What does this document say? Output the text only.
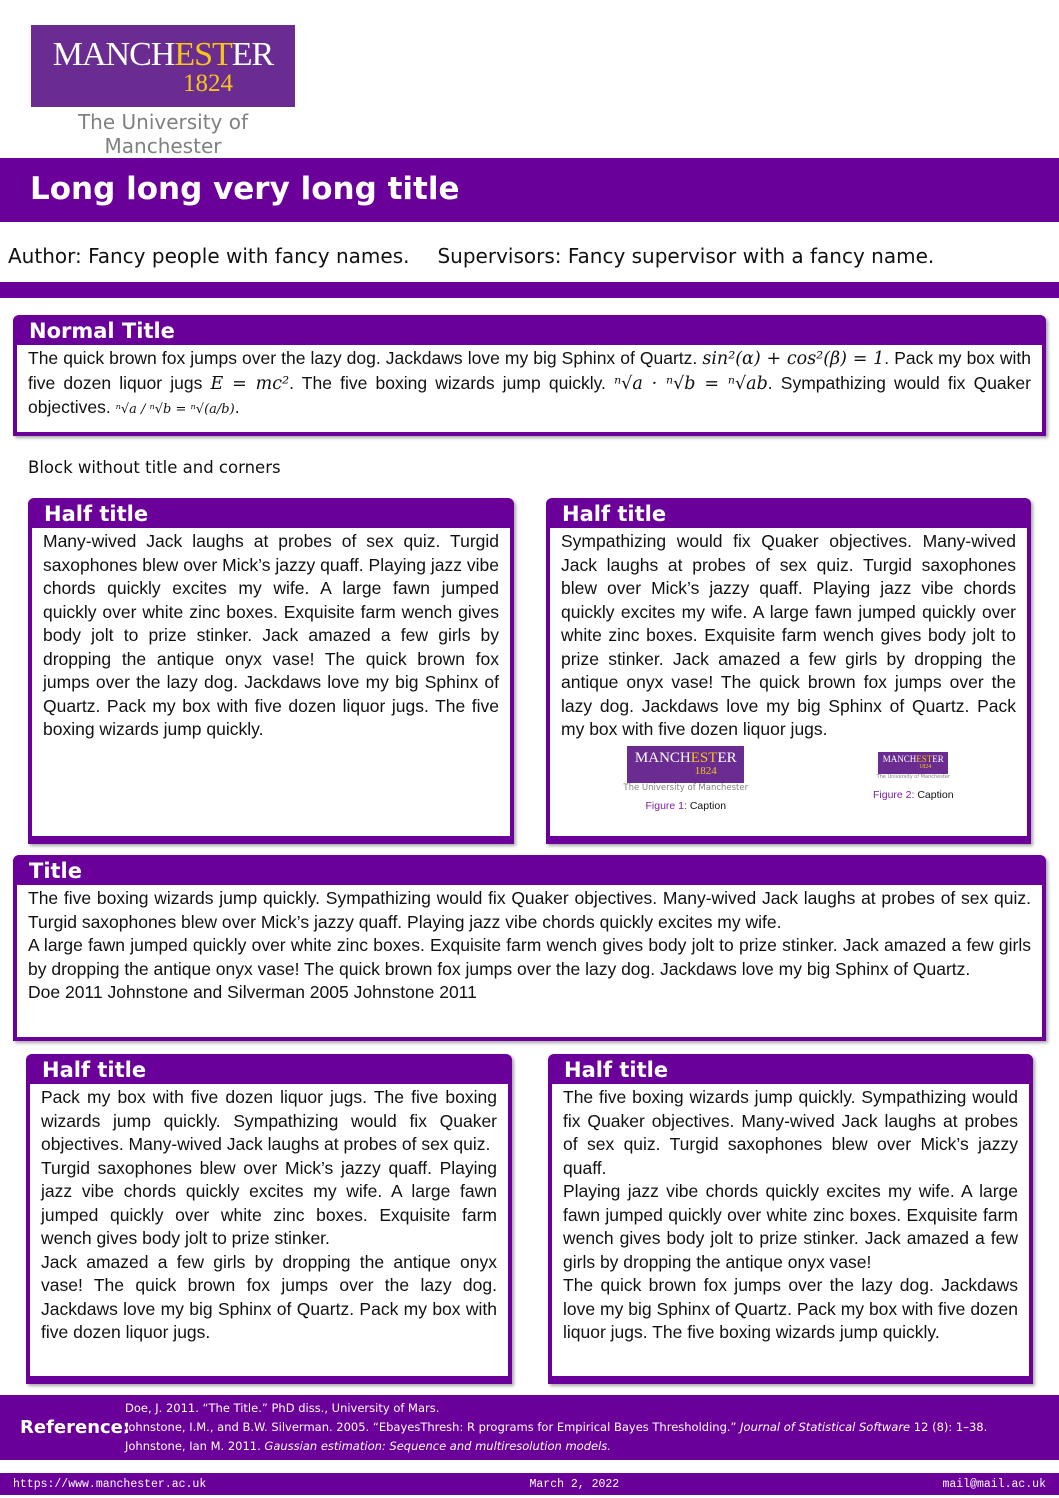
MANCHESTER
1824
The University of Manchester
Long long very long title
Author: Fancy people with fancy names. Supervisors: Fancy supervisor with a fancy name.
Normal Title
The quick brown fox jumps over the lazy dog. Jackdaws love my big Sphinx of Quartz. sin²(α) + cos²(β) = 1. Pack my box with five dozen liquor jugs E = mc². The five boxing wizards jump quickly. ⁿ√a · ⁿ√b = ⁿ√ab. Sympathizing would fix Quaker objectives. ⁿ√a / ⁿ√b = ⁿ√(a/b).
Block without title and corners
Half title
Many-wived Jack laughs at probes of sex quiz. Turgid saxophones blew over Mick’s jazzy quaff. Playing jazz vibe chords quickly excites my wife. A large fawn jumped quickly over white zinc boxes. Exquisite farm wench gives body jolt to prize stinker. Jack amazed a few girls by dropping the antique onyx vase! The quick brown fox jumps over the lazy dog. Jackdaws love my big Sphinx of Quartz. Pack my box with five dozen liquor jugs. The five boxing wizards jump quickly.
Half title
Sympathizing would fix Quaker objectives. Many-wived Jack laughs at probes of sex quiz. Turgid saxophones blew over Mick’s jazzy quaff. Playing jazz vibe chords quickly excites my wife. A large fawn jumped quickly over white zinc boxes. Exquisite farm wench gives body jolt to prize stinker. Jack amazed a few girls by dropping the antique onyx vase! The quick brown fox jumps over the lazy dog. Jackdaws love my big Sphinx of Quartz. Pack my box with five dozen liquor jugs.
MANCHESTER
1824
The University of Manchester
Figure 1: Caption
MANCHESTER
1824
The University of Manchester
Figure 2: Caption
Title
The five boxing wizards jump quickly. Sympathizing would fix Quaker objectives. Many-wived Jack laughs at probes of sex quiz. Turgid saxophones blew over Mick’s jazzy quaff. Playing jazz vibe chords quickly excites my wife.
A large fawn jumped quickly over white zinc boxes. Exquisite farm wench gives body jolt to prize stinker. Jack amazed a few girls by dropping the antique onyx vase! The quick brown fox jumps over the lazy dog. Jackdaws love my big Sphinx of Quartz.
Doe 2011 Johnstone and Silverman 2005 Johnstone 2011
Half title
Pack my box with five dozen liquor jugs. The five boxing wizards jump quickly. Sympathizing would fix Quaker objectives. Many-wived Jack laughs at probes of sex quiz.
Turgid saxophones blew over Mick’s jazzy quaff. Playing jazz vibe chords quickly excites my wife. A large fawn jumped quickly over white zinc boxes. Exquisite farm wench gives body jolt to prize stinker.
Jack amazed a few girls by dropping the antique onyx vase! The quick brown fox jumps over the lazy dog. Jackdaws love my big Sphinx of Quartz. Pack my box with five dozen liquor jugs.
Half title
The five boxing wizards jump quickly. Sympathizing would fix Quaker objectives. Many-wived Jack laughs at probes of sex quiz. Turgid saxophones blew over Mick’s jazzy quaff.
Playing jazz vibe chords quickly excites my wife. A large fawn jumped quickly over white zinc boxes. Exquisite farm wench gives body jolt to prize stinker. Jack amazed a few girls by dropping the antique onyx vase!
The quick brown fox jumps over the lazy dog. Jackdaws love my big Sphinx of Quartz. Pack my box with five dozen liquor jugs. The five boxing wizards jump quickly.
Reference:
Doe, J. 2011. “The Title.” PhD diss., University of Mars.
Johnstone, I.M., and B.W. Silverman. 2005. “EbayesThresh: R programs for Empirical Bayes Thresholding.” Journal of Statistical Software 12 (8): 1–38.
Johnstone, Ian M. 2011. Gaussian estimation: Sequence and multiresolution models.
https://www.manchester.ac.uk	March 2, 2022	mail@mail.ac.uk
